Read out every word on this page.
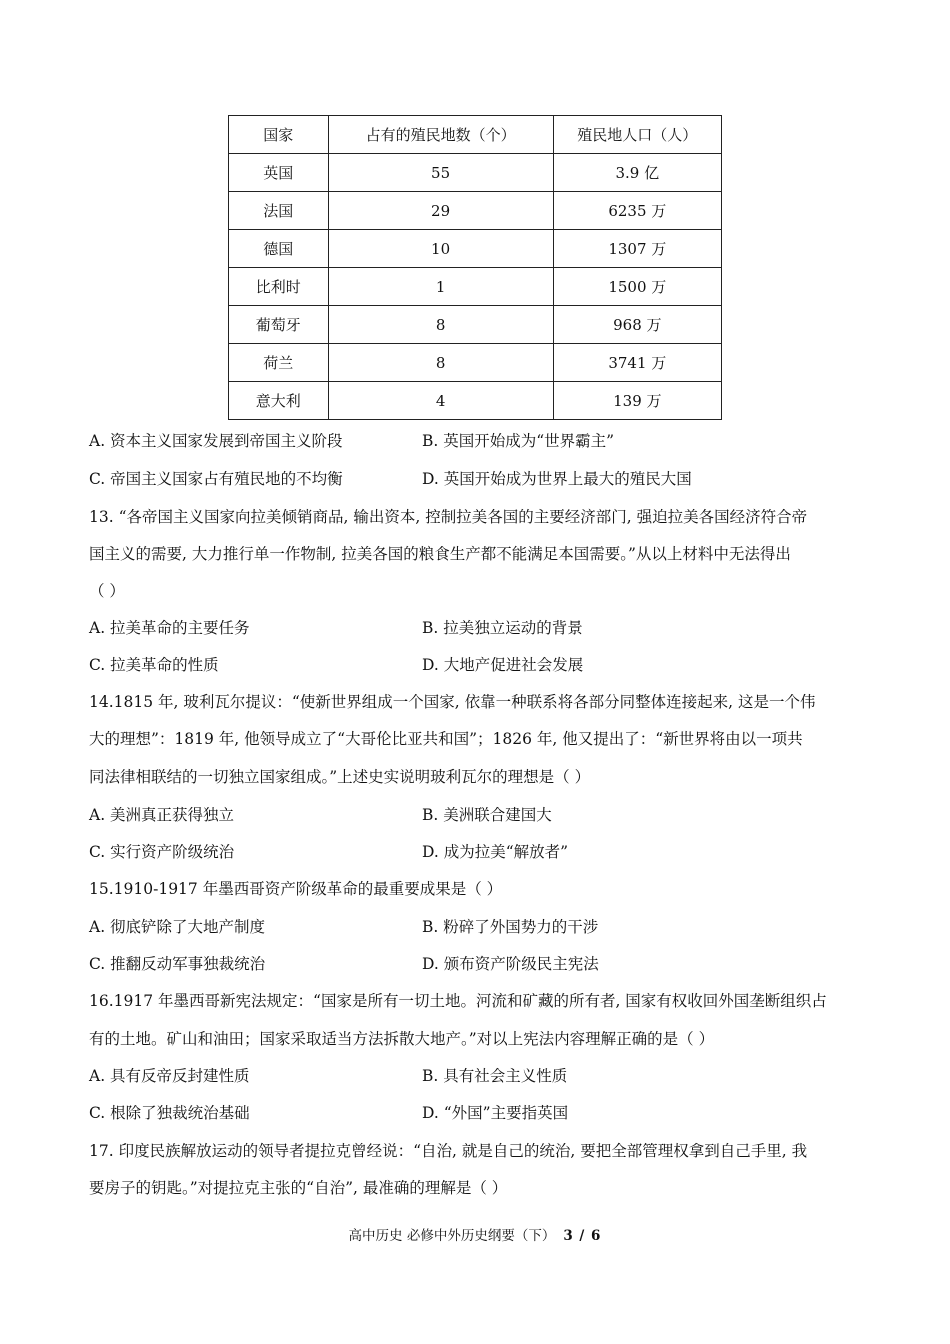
国家	占有的殖民地数（个）	殖民地人口（人）
英国	55	3.9 亿
法国	29	6235 万
德国	10	1307 万
比利时	1	1500 万
葡萄牙	8	968 万
荷兰	8	3741 万
意大利	4	139 万
A. 资本主义国家发展到帝国主义阶段	B. 英国开始成为“世界霸主”
C. 帝国主义国家占有殖民地的不均衡	D. 英国开始成为世界上最大的殖民大国
13. “各帝国主义国家向拉美倾销商品, 输出资本, 控制拉美各国的主要经济部门, 强迫拉美各国经济符合帝
国主义的需要, 大力推行单一作物制, 拉美各国的粮食生产都不能满足本国需要。”从以上材料中无法得出
（ ）
A. 拉美革命的主要任务	B. 拉美独立运动的背景
C. 拉美革命的性质	D. 大地产促进社会发展
14.1815 年, 玻利瓦尔提议：“使新世界组成一个国家, 依靠一种联系将各部分同整体连接起来, 这是一个伟
大的理想”：1819 年, 他领导成立了“大哥伦比亚共和国”；1826 年, 他又提出了：“新世界将由以一项共
同法律相联结的一切独立国家组成。”上述史实说明玻利瓦尔的理想是（ ）
A. 美洲真正获得独立	B. 美洲联合建国大
C. 实行资产阶级统治	D. 成为拉美“解放者”
15.1910-1917 年墨西哥资产阶级革命的最重要成果是（ ）
A. 彻底铲除了大地产制度	B. 粉碎了外国势力的干涉
C. 推翻反动军事独裁统治	D. 颁布资产阶级民主宪法
16.1917 年墨西哥新宪法规定：“国家是所有一切土地。河流和矿藏的所有者, 国家有权收回外国垄断组织占
有的土地。矿山和油田；国家采取适当方法拆散大地产。”对以上宪法内容理解正确的是（ ）
A. 具有反帝反封建性质	B. 具有社会主义性质
C. 根除了独裁统治基础	D. “外国”主要指英国
17. 印度民族解放运动的领导者提拉克曾经说：“自治, 就是自己的统治, 要把全部管理权拿到自己手里, 我
要房子的钥匙。”对提拉克主张的“自治”, 最准确的理解是（ ）
高中历史 必修中外历史纲要（下） 3 / 6
